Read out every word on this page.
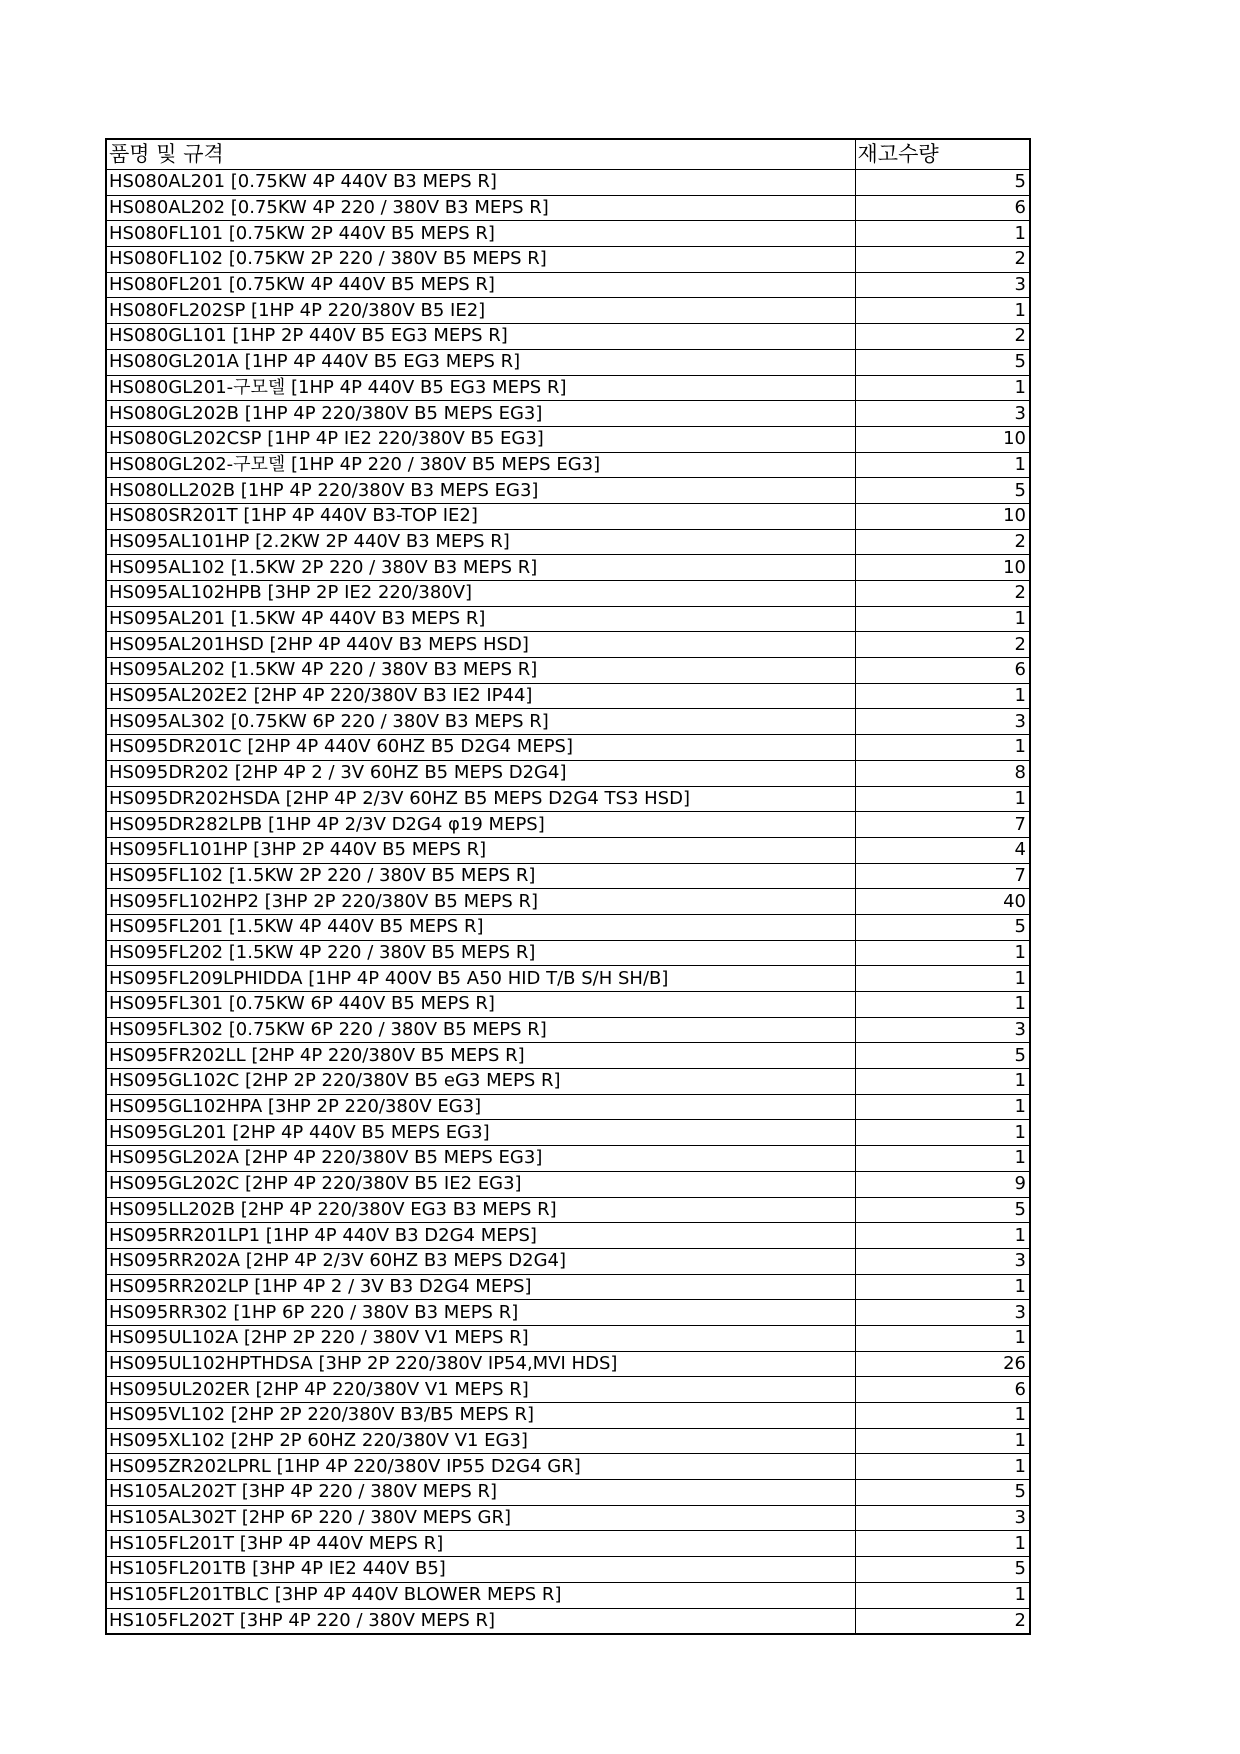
품명 및 규격	재고수량
HS080AL201 [0.75KW 4P 440V B3 MEPS R]	5
HS080AL202 [0.75KW 4P 220 / 380V B3 MEPS R]	6
HS080FL101 [0.75KW 2P 440V B5 MEPS R]	1
HS080FL102 [0.75KW 2P 220 / 380V B5 MEPS R]	2
HS080FL201 [0.75KW 4P 440V B5 MEPS R]	3
HS080FL202SP [1HP 4P 220/380V B5 IE2]	1
HS080GL101 [1HP 2P 440V B5 EG3 MEPS R]	2
HS080GL201A [1HP 4P 440V B5 EG3 MEPS R]	5
HS080GL201-구모델 [1HP 4P 440V B5 EG3 MEPS R]	1
HS080GL202B [1HP 4P 220/380V B5 MEPS EG3]	3
HS080GL202CSP [1HP 4P IE2 220/380V B5 EG3]	10
HS080GL202-구모델 [1HP 4P 220 / 380V B5 MEPS EG3]	1
HS080LL202B [1HP 4P 220/380V B3 MEPS EG3]	5
HS080SR201T [1HP 4P 440V B3-TOP IE2]	10
HS095AL101HP [2.2KW 2P 440V B3 MEPS R]	2
HS095AL102 [1.5KW 2P 220 / 380V B3 MEPS R]	10
HS095AL102HPB [3HP 2P IE2 220/380V]	2
HS095AL201 [1.5KW 4P 440V B3 MEPS R]	1
HS095AL201HSD [2HP 4P 440V B3 MEPS HSD]	2
HS095AL202 [1.5KW 4P 220 / 380V B3 MEPS R]	6
HS095AL202E2 [2HP 4P 220/380V B3 IE2 IP44]	1
HS095AL302 [0.75KW 6P 220 / 380V B3 MEPS R]	3
HS095DR201C [2HP 4P 440V 60HZ B5 D2G4 MEPS]	1
HS095DR202 [2HP 4P 2 / 3V 60HZ B5 MEPS D2G4]	8
HS095DR202HSDA [2HP 4P 2/3V 60HZ B5 MEPS D2G4 TS3 HSD]	1
HS095DR282LPB [1HP 4P 2/3V D2G4 φ19 MEPS]	7
HS095FL101HP [3HP 2P 440V B5 MEPS R]	4
HS095FL102 [1.5KW 2P 220 / 380V B5 MEPS R]	7
HS095FL102HP2 [3HP 2P 220/380V B5 MEPS R]	40
HS095FL201 [1.5KW 4P 440V B5 MEPS R]	5
HS095FL202 [1.5KW 4P 220 / 380V B5 MEPS R]	1
HS095FL209LPHIDDA [1HP 4P 400V B5 A50 HID T/B S/H SH/B]	1
HS095FL301 [0.75KW 6P 440V B5 MEPS R]	1
HS095FL302 [0.75KW 6P 220 / 380V B5 MEPS R]	3
HS095FR202LL [2HP 4P 220/380V B5 MEPS R]	5
HS095GL102C [2HP 2P 220/380V B5 eG3 MEPS R]	1
HS095GL102HPA [3HP 2P 220/380V EG3]	1
HS095GL201 [2HP 4P 440V B5 MEPS EG3]	1
HS095GL202A [2HP 4P 220/380V B5 MEPS EG3]	1
HS095GL202C [2HP 4P 220/380V B5 IE2 EG3]	9
HS095LL202B [2HP 4P 220/380V EG3 B3 MEPS R]	5
HS095RR201LP1 [1HP 4P 440V B3 D2G4 MEPS]	1
HS095RR202A [2HP 4P 2/3V 60HZ B3 MEPS D2G4]	3
HS095RR202LP [1HP 4P 2 / 3V B3 D2G4 MEPS]	1
HS095RR302 [1HP 6P 220 / 380V B3 MEPS R]	3
HS095UL102A [2HP 2P 220 / 380V V1 MEPS R]	1
HS095UL102HPTHDSA [3HP 2P 220/380V IP54,MVI HDS]	26
HS095UL202ER [2HP 4P 220/380V V1 MEPS R]	6
HS095VL102 [2HP 2P 220/380V B3/B5 MEPS R]	1
HS095XL102 [2HP 2P 60HZ 220/380V V1 EG3]	1
HS095ZR202LPRL [1HP 4P 220/380V IP55 D2G4 GR]	1
HS105AL202T [3HP 4P 220 / 380V MEPS R]	5
HS105AL302T [2HP 6P 220 / 380V MEPS GR]	3
HS105FL201T [3HP 4P 440V MEPS R]	1
HS105FL201TB [3HP 4P IE2 440V B5]	5
HS105FL201TBLC [3HP 4P 440V BLOWER MEPS R]	1
HS105FL202T [3HP 4P 220 / 380V MEPS R]	2
